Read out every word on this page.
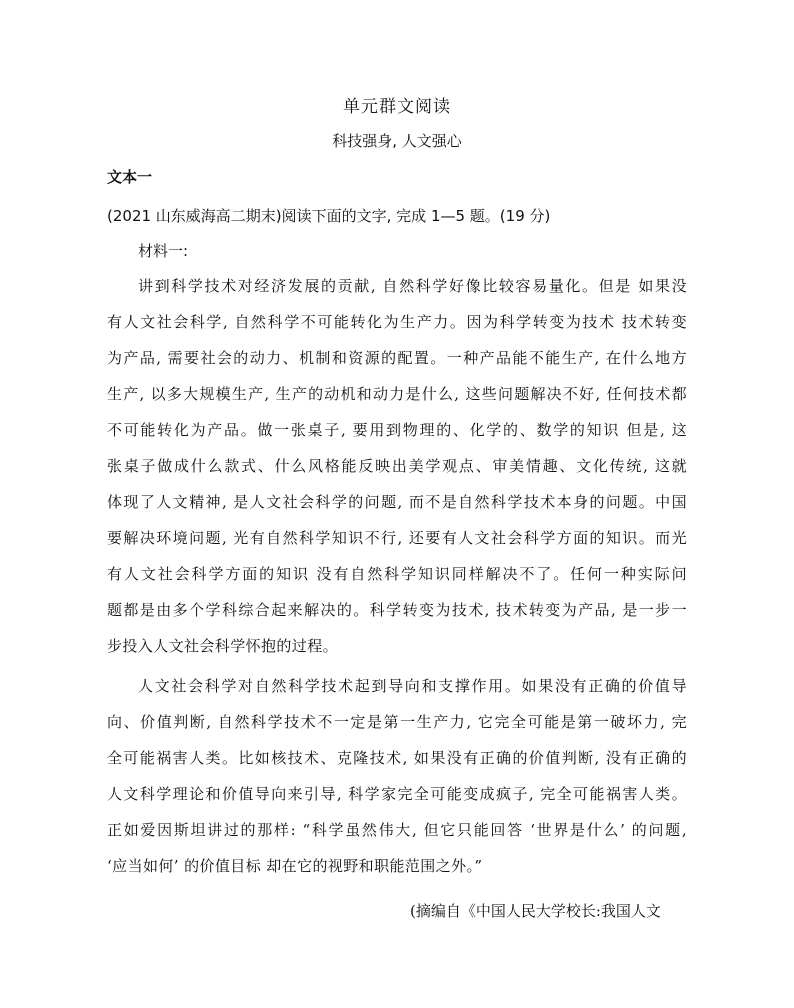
单元群文阅读
科技强身, 人文强心
文本一
(2021 山东威海高二期末)阅读下面的文字, 完成 1—5 题。(19 分)
材料一:
讲到科学技术对经济发展的贡献, 自然科学好像比较容易量化。但是 如果没
有人文社会科学, 自然科学不可能转化为生产力。因为科学转变为技术 技术转变
为产品, 需要社会的动力、机制和资源的配置。一种产品能不能生产, 在什么地方
生产, 以多大规模生产, 生产的动机和动力是什么, 这些问题解决不好, 任何技术都
不可能转化为产品。做一张桌子, 要用到物理的、化学的、数学的知识 但是, 这
张桌子做成什么款式、什么风格能反映出美学观点、审美情趣、文化传统, 这就
体现了人文精神, 是人文社会科学的问题, 而不是自然科学技术本身的问题。中国
要解决环境问题, 光有自然科学知识不行, 还要有人文社会科学方面的知识。而光
有人文社会科学方面的知识 没有自然科学知识同样解决不了。任何一种实际问
题都是由多个学科综合起来解决的。科学转变为技术, 技术转变为产品, 是一步一
步投入人文社会科学怀抱的过程。
人文社会科学对自然科学技术起到导向和支撑作用。如果没有正确的价值导
向、价值判断, 自然科学技术不一定是第一生产力, 它完全可能是第一破坏力, 完
全可能祸害人类。比如核技术、克隆技术, 如果没有正确的价值判断, 没有正确的
人文科学理论和价值导向来引导, 科学家完全可能变成疯子, 完全可能祸害人类。
正如爱因斯坦讲过的那样: “科学虽然伟大, 但它只能回答 ‘世界是什么’ 的问题,
‘应当如何’ 的价值目标 却在它的视野和职能范围之外。”
(摘编自《中国人民大学校长:我国人文
